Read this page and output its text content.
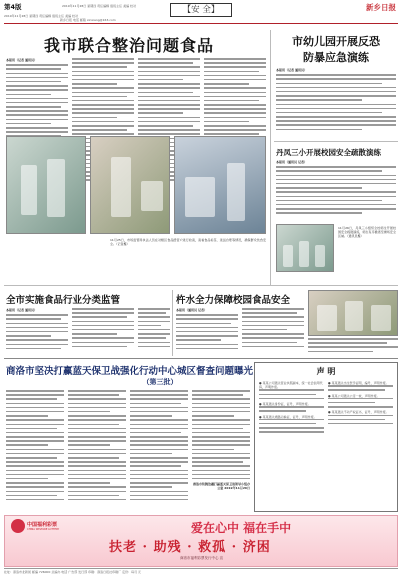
第4版	2019年11月28日 星期四 责任编辑 值班主任 美编 校对
2019年11月28日 星期四 责任编辑 值班主任 美编 校对
新乡日报 电话 邮箱 xinxiang@163.com
【安 全】	新乡日报
我市联合整治问题食品
本报讯（记者 通讯员）
11月25日，市场监管局执法人员在对辖区食品经营户进行检查，查看食品标签、进货台账等情况，确保群众饮食安全。（记者摄）
市幼儿园开展反恐
防暴应急演练
本报讯（记者 通讯员）
丹凤三小开展校园安全疏散演练
本报讯（通讯员 记者）
11月26日，丹凤三小组织全校师生开展校园安全疏散演练，师生有序撤离至操场安全区域。（通讯员摄）
全市实施食品行业分类监管
本报讯（记者 通讯员）
杵水全力保障校园食品安全
本报讯（通讯员 记者）
商洛市坚决打赢蓝天保卫战强化行动中心城区督查问题曝光
（第三批）
商洛市铁腕治霾打赢蓝天保卫战领导小组办公室 2019年11月26日
声 明
● 某某公司遗失营业执照副本，统一社会信用代码，声明作废。
● 某某遗失身份证，证号，声明作废。
● 某某遗失道路运输证，证号，声明作废。
● 某某遗失出生医学证明，编号，声明作废。
● 某某公司遗失公章一枚，声明作废。
● 某某遗失不动产权证书，证号，声明作废。
中国福利彩票
CHINA WELFARE LOTTERY	爱在心中 福在手中
扶老 · 助残 · 救孤 · 济困
商洛市福利彩票发行中心 宣
社址：商洛市北新街 邮编 726000 总编办 电话 广告部 发行部 印刷：商洛日报社印刷厂 定价：每月 元
